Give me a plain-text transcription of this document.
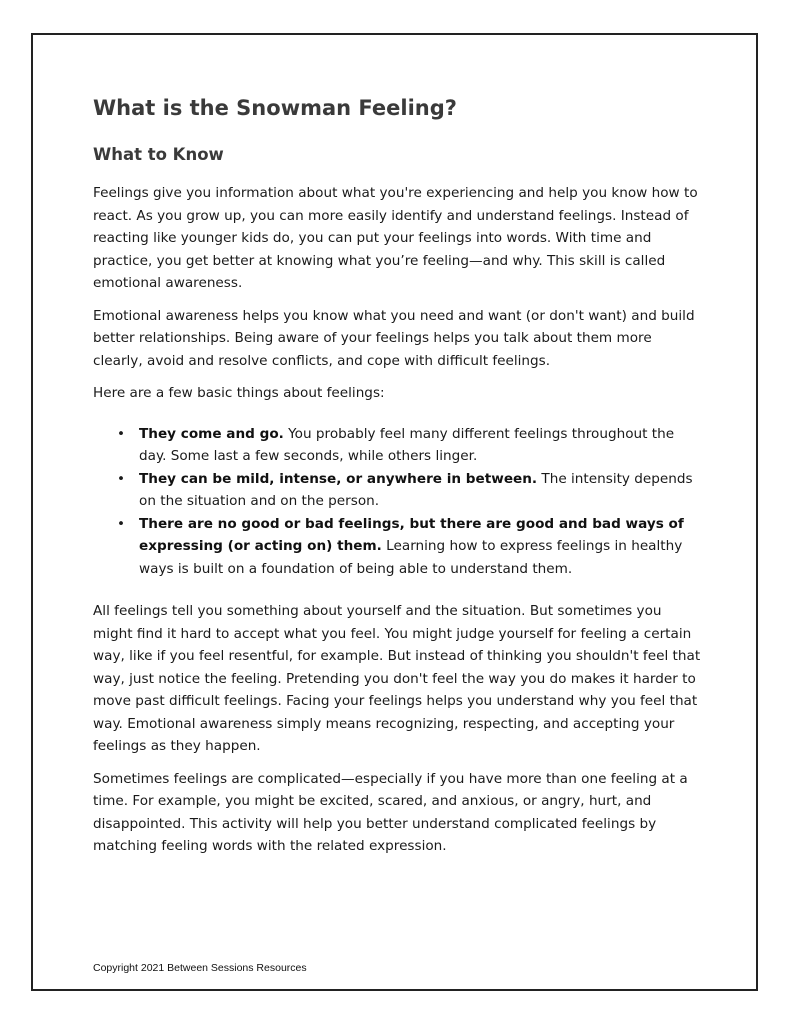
What is the Snowman Feeling?
What to Know

Feelings give you information about what you're experiencing and help you know how to react. As you grow up, you can more easily identify and understand feelings. Instead of reacting like younger kids do, you can put your feelings into words. With time and practice, you get better at knowing what you’re feeling—and why. This skill is called emotional awareness.

Emotional awareness helps you know what you need and want (or don't want) and build better relationships. Being aware of your feelings helps you talk about them more clearly, avoid and resolve conflicts, and cope with difficult feelings.

Here are a few basic things about feelings:

• They come and go. You probably feel many different feelings throughout the day. Some last a few seconds, while others linger.
• They can be mild, intense, or anywhere in between. The intensity depends on the situation and on the person.
• There are no good or bad feelings, but there are good and bad ways of expressing (or acting on) them. Learning how to express feelings in healthy ways is built on a foundation of being able to understand them.

All feelings tell you something about yourself and the situation. But sometimes you might find it hard to accept what you feel. You might judge yourself for feeling a certain way, like if you feel resentful, for example. But instead of thinking you shouldn't feel that way, just notice the feeling. Pretending you don't feel the way you do makes it harder to move past difficult feelings. Facing your feelings helps you understand why you feel that way. Emotional awareness simply means recognizing, respecting, and accepting your feelings as they happen.

Sometimes feelings are complicated—especially if you have more than one feeling at a time. For example, you might be excited, scared, and anxious, or angry, hurt, and disappointed. This activity will help you better understand complicated feelings by matching feeling words with the related expression.

Copyright 2021 Between Sessions Resources
